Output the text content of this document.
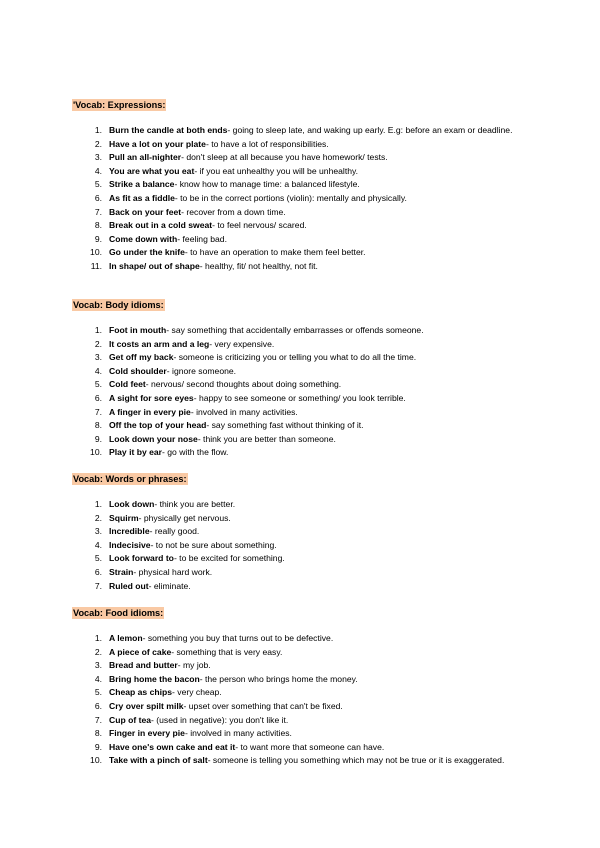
'Vocab: Expressions:
1. Burn the candle at both ends- going to sleep late, and waking up early. E.g: before an exam or deadline.
2. Have a lot on your plate- to have a lot of responsibilities.
3. Pull an all-nighter- don't sleep at all because you have homework/ tests.
4. You are what you eat- if you eat unhealthy you will be unhealthy.
5. Strike a balance- know how to manage time: a balanced lifestyle.
6. As fit as a fiddle- to be in the correct portions (violin): mentally and physically.
7. Back on your feet- recover from a down time.
8. Break out in a cold sweat- to feel nervous/ scared.
9. Come down with- feeling bad.
10. Go under the knife- to have an operation to make them feel better.
11. In shape/ out of shape- healthy, fit/ not healthy, not fit.
Vocab: Body idioms:
1. Foot in mouth- say something that accidentally embarrasses or offends someone.
2. It costs an arm and a leg- very expensive.
3. Get off my back- someone is criticizing you or telling you what to do all the time.
4. Cold shoulder- ignore someone.
5. Cold feet- nervous/ second thoughts about doing something.
6. A sight for sore eyes- happy to see someone or something/ you look terrible.
7. A finger in every pie- involved in many activities.
8. Off the top of your head- say something fast without thinking of it.
9. Look down your nose- think you are better than someone.
10. Play it by ear- go with the flow.
Vocab: Words or phrases:
1. Look down- think you are better.
2. Squirm- physically get nervous.
3. Incredible- really good.
4. Indecisive- to not be sure about something.
5. Look forward to- to be excited for something.
6. Strain- physical hard work.
7. Ruled out- eliminate.
Vocab: Food idioms:
1. A lemon- something you buy that turns out to be defective.
2. A piece of cake- something that is very easy.
3. Bread and butter- my job.
4. Bring home the bacon- the person who brings home the money.
5. Cheap as chips- very cheap.
6. Cry over spilt milk- upset over something that can't be fixed.
7. Cup of tea- (used in negative): you don't like it.
8. Finger in every pie- involved in many activities.
9. Have one's own cake and eat it- to want more that someone can have.
10. Take with a pinch of salt- someone is telling you something which may not be true or it is exaggerated.
